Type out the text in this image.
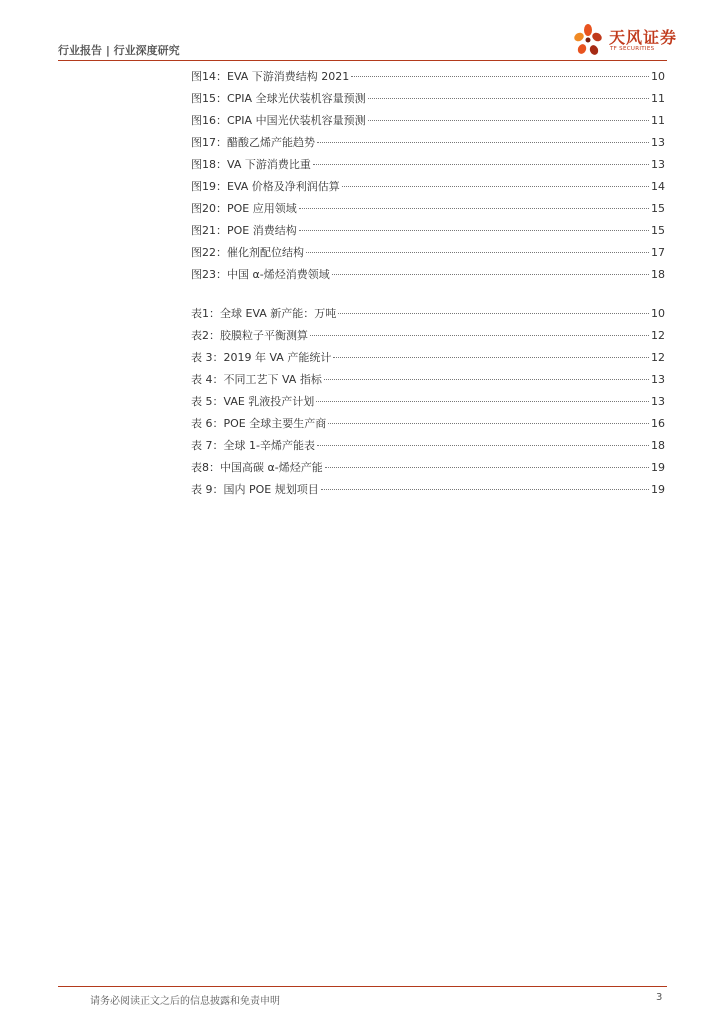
行业报告 | 行业深度研究
天风证券
TF SECURITIES
图14：EVA 下游消费结构 2021	10
图15：CPIA 全球光伏装机容量预测	11
图16：CPIA 中国光伏装机容量预测	11
图17：醋酸乙烯产能趋势	13
图18：VA 下游消费比重	13
图19：EVA 价格及净利润估算	14
图20：POE 应用领域	15
图21：POE 消费结构	15
图22：催化剂配位结构	17
图23：中国 α-烯烃消费领域	18
表1：全球 EVA 新产能：万吨	10
表2：胶膜粒子平衡测算	12
表 3：2019 年 VA 产能统计	12
表 4：不同工艺下 VA 指标	13
表 5：VAE 乳液投产计划	13
表 6：POE 全球主要生产商	16
表 7：全球 1-辛烯产能表	18
表8：中国高碳 α-烯烃产能	19
表 9：国内 POE 规划项目	19
请务必阅读正文之后的信息披露和免责申明	3
